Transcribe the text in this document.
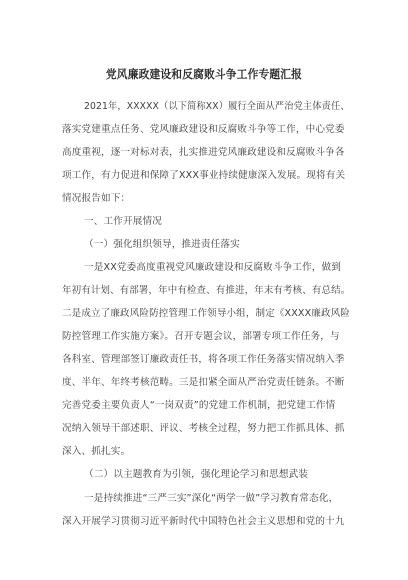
党风廉政建设和反腐败斗争工作专题汇报
2021年，XXXXX（以下简称XX）履行全面从严治党主体责任、
落实党建重点任务、党风廉政建设和反腐败斗争等工作，中心党委
高度重视，逐一对标对表，扎实推进党风廉政建设和反腐败斗争各
项工作，有力促进和保障了XXX事业持续健康深入发展。现将有关
情况报告如下：
一、工作开展情况
（一）强化组织领导，推进责任落实
一是XX党委高度重视党风廉政建设和反腐败斗争工作，做到
年初有计划、有部署，年中有检查、有推进，年末有考核、有总结。
二是成立了廉政风险防控管理工作领导小组，制定《XXXX廉政风险
防控管理工作实施方案》。召开专题会议，部署专项工作任务，与
各科室、管理部签订廉政责任书，将各项工作任务落实情况纳入季
度、半年、年终考核范畴。三是扣紧全面从严治党责任链条。不断
完善党委主要负责人“一岗双责”的党建工作机制，把党建工作情
况纳入领导干部述职、评议、考核全过程，努力把工作抓具体、抓
深入、抓扎实。
（二）以主题教育为引领，强化理论学习和思想武装
一是持续推进“三严三实”深化“两学一做”学习教育常态化，
深入开展学习贯彻习近平新时代中国特色社会主义思想和党的十九
